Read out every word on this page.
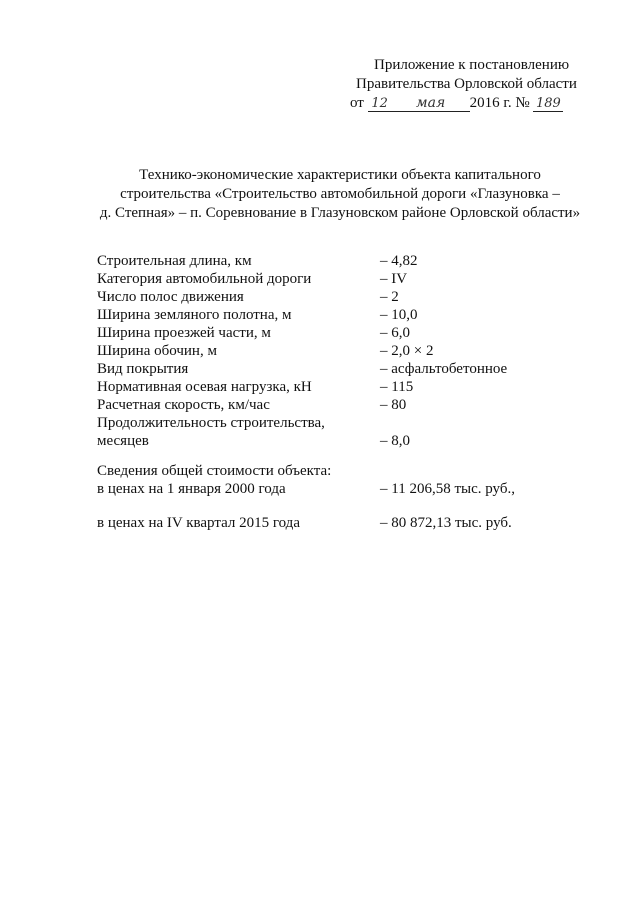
Приложение к постановлению
Правительства Орловской области
от 12 мая 2016 г. № 189
Технико-экономические характеристики объекта капитального
строительства «Строительство автомобильной дороги «Глазуновка –
д. Степная» – п. Соревнование в Глазуновском районе Орловской области»
Строительная длина, км	– 4,82
Категория автомобильной дороги	– IV
Число полос движения	– 2
Ширина земляного полотна, м	– 10,0
Ширина проезжей части, м	– 6,0
Ширина обочин, м	– 2,0 × 2
Вид покрытия	– асфальтобетонное
Нормативная осевая нагрузка, кН	– 115
Расчетная скорость, км/час	– 80
Продолжительность строительства,
месяцев	– 8,0
Сведения общей стоимости объекта:
в ценах на 1 января 2000 года	– 11 206,58 тыс. руб.,
в ценах на IV квартал 2015 года	– 80 872,13 тыс. руб.
